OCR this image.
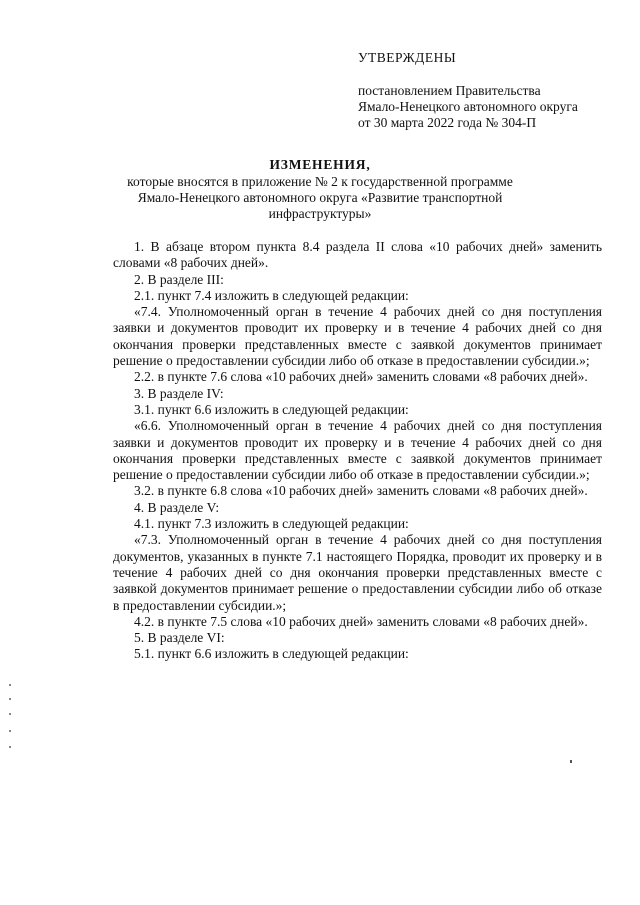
УТВЕРЖДЕНЫ
постановлением Правительства
Ямало-Ненецкого автономного округа
от 30 марта 2022 года № 304-П
ИЗМЕНЕНИЯ,
которые вносятся в приложение № 2 к государственной программе
Ямало-Ненецкого автономного округа «Развитие транспортной
инфраструктуры»

1. В абзаце втором пункта 8.4 раздела II слова «10 рабочих дней» заменить словами «8 рабочих дней».

2. В разделе III:

2.1. пункт 7.4 изложить в следующей редакции:

«7.4. Уполномоченный орган в течение 4 рабочих дней со дня поступления заявки и документов проводит их проверку и в течение 4 рабочих дней со дня окончания проверки представленных вместе с заявкой документов принимает решение о предоставлении субсидии либо об отказе в предоставлении субсидии.»;

2.2. в пункте 7.6 слова «10 рабочих дней» заменить словами «8 рабочих дней».

3. В разделе IV:

3.1. пункт 6.6 изложить в следующей редакции:

«6.6. Уполномоченный орган в течение 4 рабочих дней со дня поступления заявки и документов проводит их проверку и в течение 4 рабочих дней со дня окончания проверки представленных вместе с заявкой документов принимает решение о предоставлении субсидии либо об отказе в предоставлении субсидии.»;

3.2. в пункте 6.8 слова «10 рабочих дней» заменить словами «8 рабочих дней».

4. В разделе V:

4.1. пункт 7.3 изложить в следующей редакции:

«7.3. Уполномоченный орган в течение 4 рабочих дней со дня поступления документов, указанных в пункте 7.1 настоящего Порядка, проводит их проверку и в течение 4 рабочих дней со дня окончания проверки представленных вместе с заявкой документов принимает решение о предоставлении субсидии либо об отказе в предоставлении субсидии.»;

4.2. в пункте 7.5 слова «10 рабочих дней» заменить словами «8 рабочих дней».

5. В разделе VI:

5.1. пункт 6.6 изложить в следующей редакции:
